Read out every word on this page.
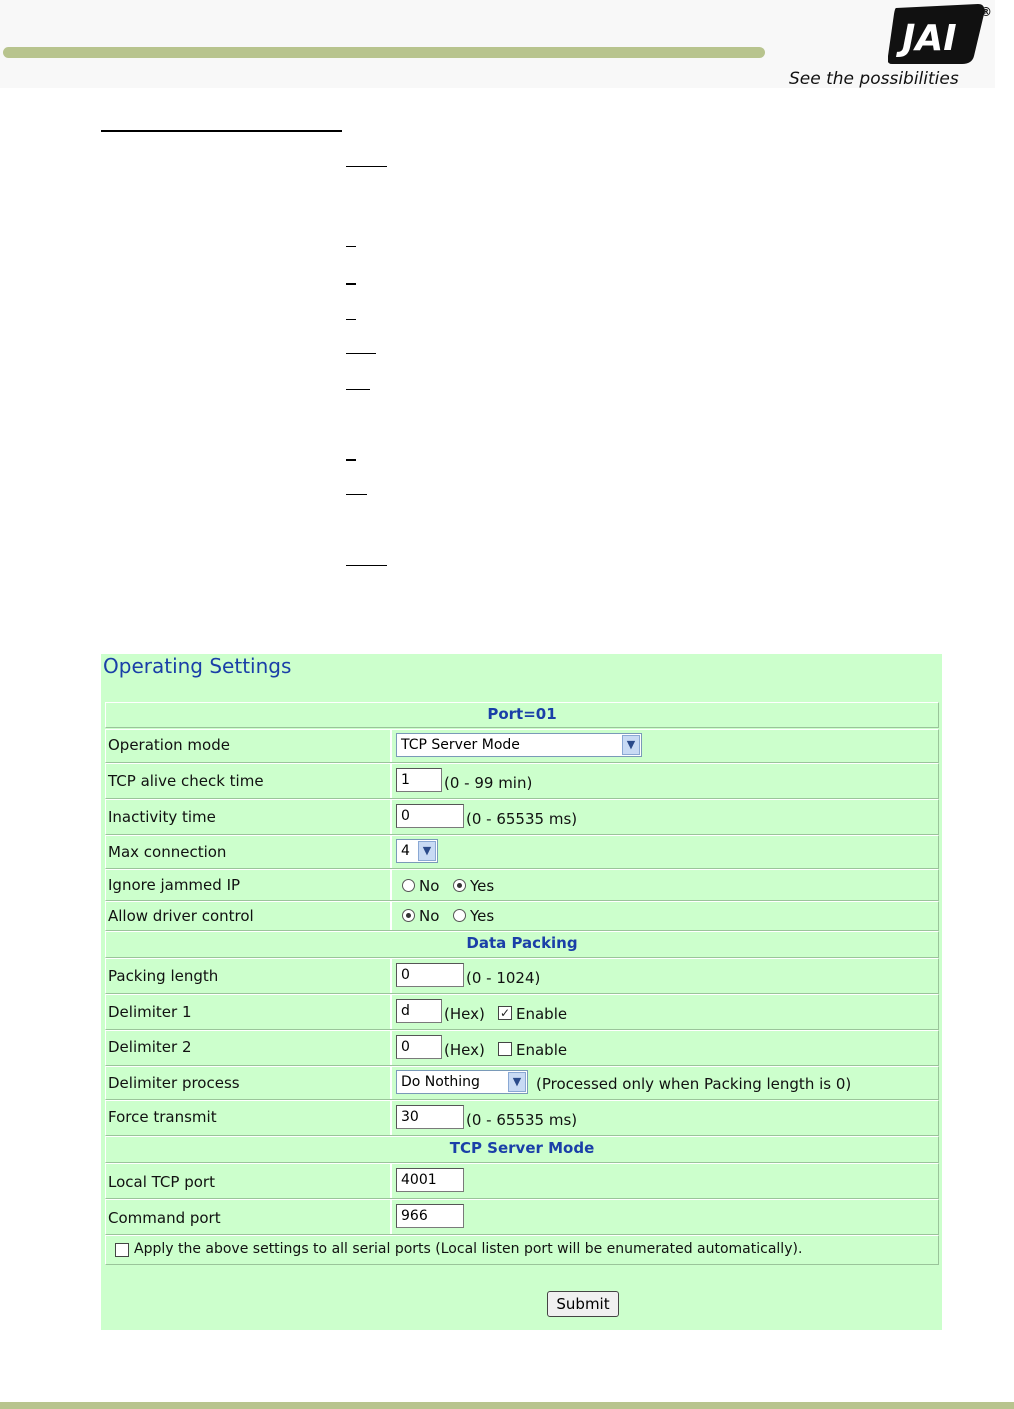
JAI
®
See the possibilities
Operating Settings
Port=01
Operation mode	TCP Server Mode	▼
TCP alive check time	1	(0 - 99 min)
Inactivity time	0	(0 - 65535 ms)
Max connection	4	▼
Ignore jammed IP	No Yes
Allow driver control	No Yes
Data Packing
Packing length	0	(0 - 1024)
Delimiter 1	d	(Hex) ✓ Enable
Delimiter 2	0	(Hex) Enable
Delimiter process	Do Nothing	▼ (Processed only when Packing length is 0)
Force transmit	30	(0 - 65535 ms)
TCP Server Mode
Local TCP port	4001
Command port	966
Apply the above settings to all serial ports (Local listen port will be enumerated automatically).
Submit
